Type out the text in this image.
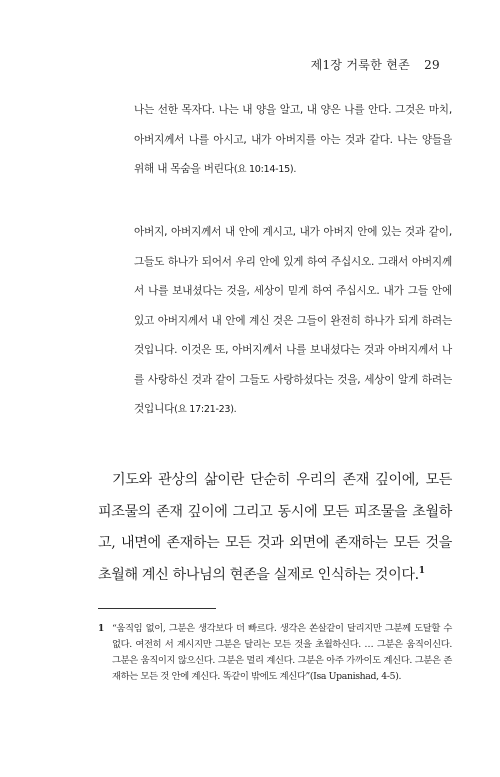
제1장 거룩한 현존 29
나는 선한 목자다. 나는 내 양을 알고, 내 양은 나를 안다. 그것은 마치, 아버지께서 나를 아시고, 내가 아버지를 아는 것과 같다. 나는 양들을 위해 내 목숨을 버린다(요 10:14-15).
아버지, 아버지께서 내 안에 계시고, 내가 아버지 안에 있는 것과 같이, 그들도 하나가 되어서 우리 안에 있게 하여 주십시오. 그래서 아버지께서 나를 보내셨다는 것을, 세상이 믿게 하여 주십시오. 내가 그들 안에 있고 아버지께서 내 안에 계신 것은 그들이 완전히 하나가 되게 하려는 것입니다. 이것은 또, 아버지께서 나를 보내셨다는 것과 아버지께서 나를 사랑하신 것과 같이 그들도 사랑하셨다는 것을, 세상이 알게 하려는 것입니다(요 17:21-23).
기도와 관상의 삶이란 단순히 우리의 존재 깊이에, 모든 피조물의 존재 깊이에 그리고 동시에 모든 피조물을 초월하고, 내면에 존재하는 모든 것과 외면에 존재하는 모든 것을 초월해 계신 하나님의 현존을 실제로 인식하는 것이다.$^1$
1 “움직임 없이, 그분은 생각보다 더 빠르다. 생각은 쏜살같이 달리지만 그분께 도달할 수 없다. 여전히 서 계시지만 그분은 달리는 모든 것을 초월하신다. … 그분은 움직이신다. 그분은 움직이지 않으신다. 그분은 멀리 계신다. 그분은 아주 가까이도 계신다. 그분은 존재하는 모든 것 안에 계신다. 똑같이 밖에도 계신다”(Isa Upanishad, 4-5).
